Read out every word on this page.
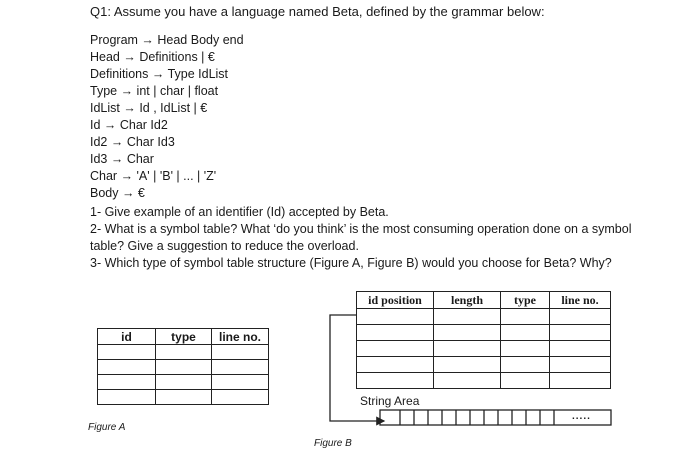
Q1: Assume you have a language named Beta, defined by the grammar below:
Program → Head Body end
Head → Definitions | €
Definitions → Type IdList
Type → int | char | float
IdList → Id , IdList | €
Id → Char Id2
Id2 → Char Id3
Id3 → Char
Char → 'A' | 'B' | ... | 'Z'
Body → €
1- Give example of an identifier (Id) accepted by Beta.
2- What is a symbol table? What ‘do you think’ is the most consuming operation done on a symbol
table? Give a suggestion to reduce the overload.
3- Which type of symbol table structure (Figure A, Figure B) would you choose for Beta? Why?
id	type	line no.

Figure A
id position	length	type	line no.

String Area
.....
Figure B
